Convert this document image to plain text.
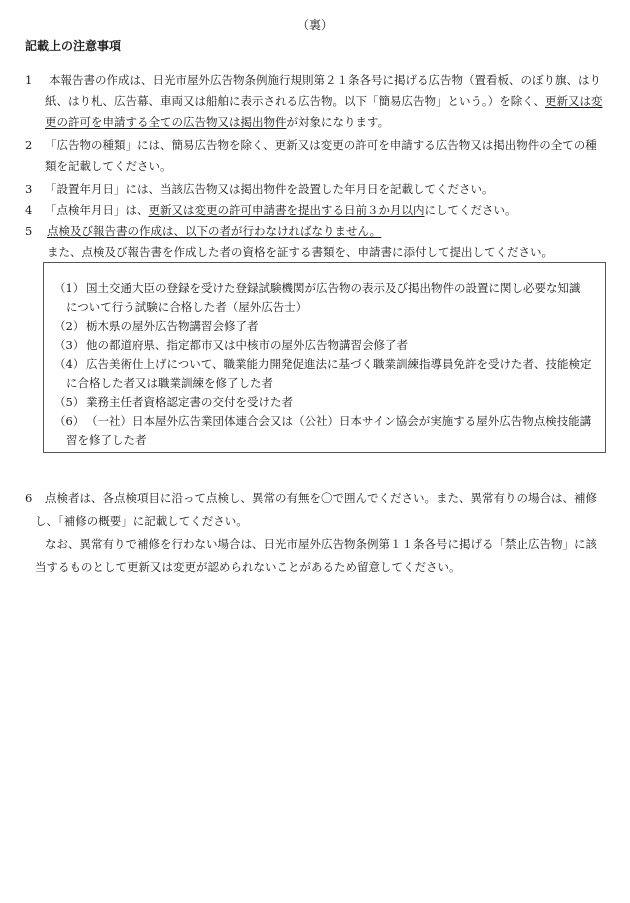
（裏）
記載上の注意事項
1	本報告書の作成は、日光市屋外広告物条例施行規則第２１条各号に掲げる広告物（置看板、のぼり旗、はり
紙、はり札、広告幕、車両又は船舶に表示される広告物。以下「簡易広告物」という。）を除く、更新又は変
更の許可を申請する全ての広告物又は掲出物件が対象になります。
2	「広告物の種類」には、簡易広告物を除く、更新又は変更の許可を申請する広告物又は掲出物件の全ての種
類を記載してください。
3	「設置年月日」には、当該広告物又は掲出物件を設置した年月日を記載してください。
4	「点検年月日」は、更新又は変更の許可申請書を提出する日前３か月以内にしてください。
5	点検及び報告書の作成は、以下の者が行わなければなりません。
また、点検及び報告書を作成した者の資格を証する書類を、申請書に添付して提出してください。
（1） 国土交通大臣の登録を受けた登録試験機関が広告物の表示及び掲出物件の設置に関し必要な知識
について行う試験に合格した者（屋外広告士）
（2） 栃木県の屋外広告物講習会修了者
（3） 他の都道府県、指定都市又は中核市の屋外広告物講習会修了者
（4） 広告美術仕上げについて、職業能力開発促進法に基づく職業訓練指導員免許を受けた者、技能検定
に合格した者又は職業訓練を修了した者
（5） 業務主任者資格認定書の交付を受けた者
（6） （一社）日本屋外広告業団体連合会又は（公社）日本サイン協会が実施する屋外広告物点検技能講
習を修了した者
6	点検者は、各点検項目に沿って点検し、異常の有無を〇で囲んでください。また、異常有りの場合は、補修
し、「補修の概要」に記載してください。
なお、異常有りで補修を行わない場合は、日光市屋外広告物条例第１１条各号に掲げる「禁止広告物」に該
当するものとして更新又は変更が認められないことがあるため留意してください。
